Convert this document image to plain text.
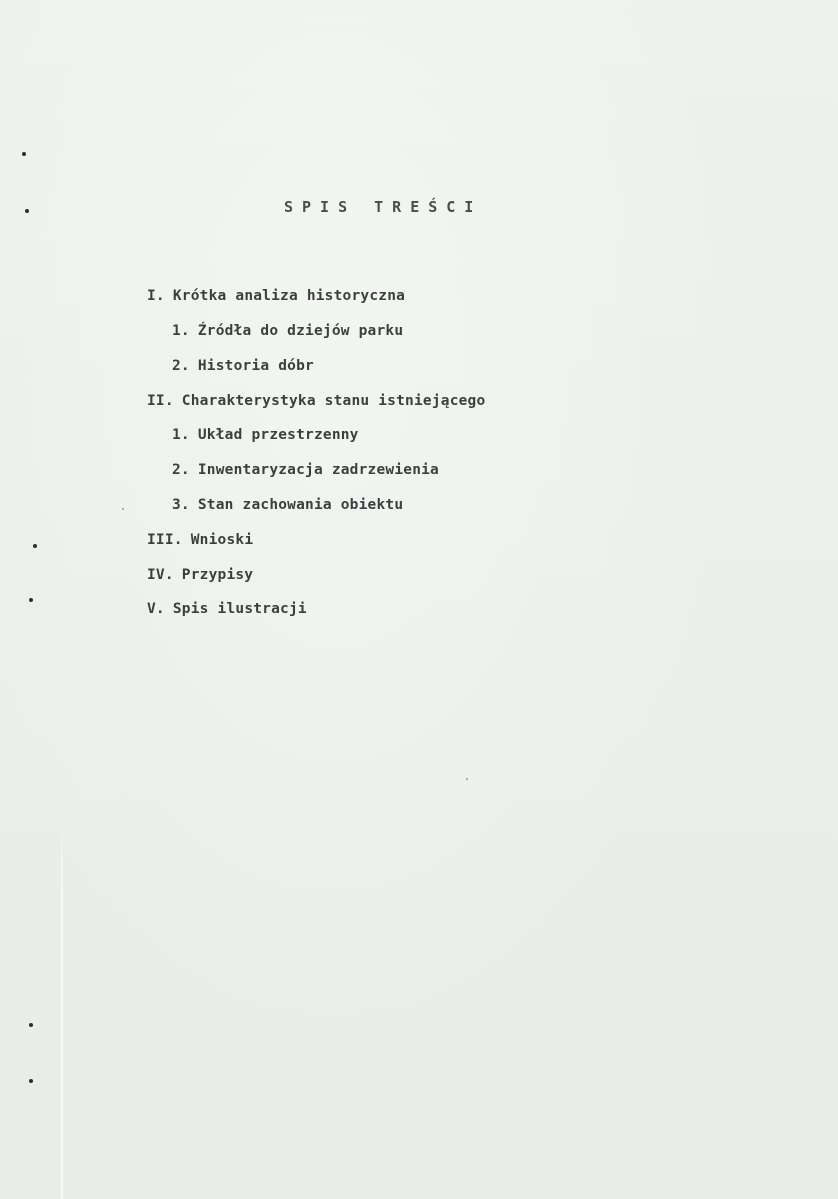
SPIS TREŚCI
I. Krótka analiza historyczna
1. Źródła do dziejów parku
2. Historia dóbr
II. Charakterystyka stanu istniejącego
1. Układ przestrzenny
2. Inwentaryzacja zadrzewienia
3. Stan zachowania obiektu
III. Wnioski
IV. Przypisy
V. Spis ilustracji
